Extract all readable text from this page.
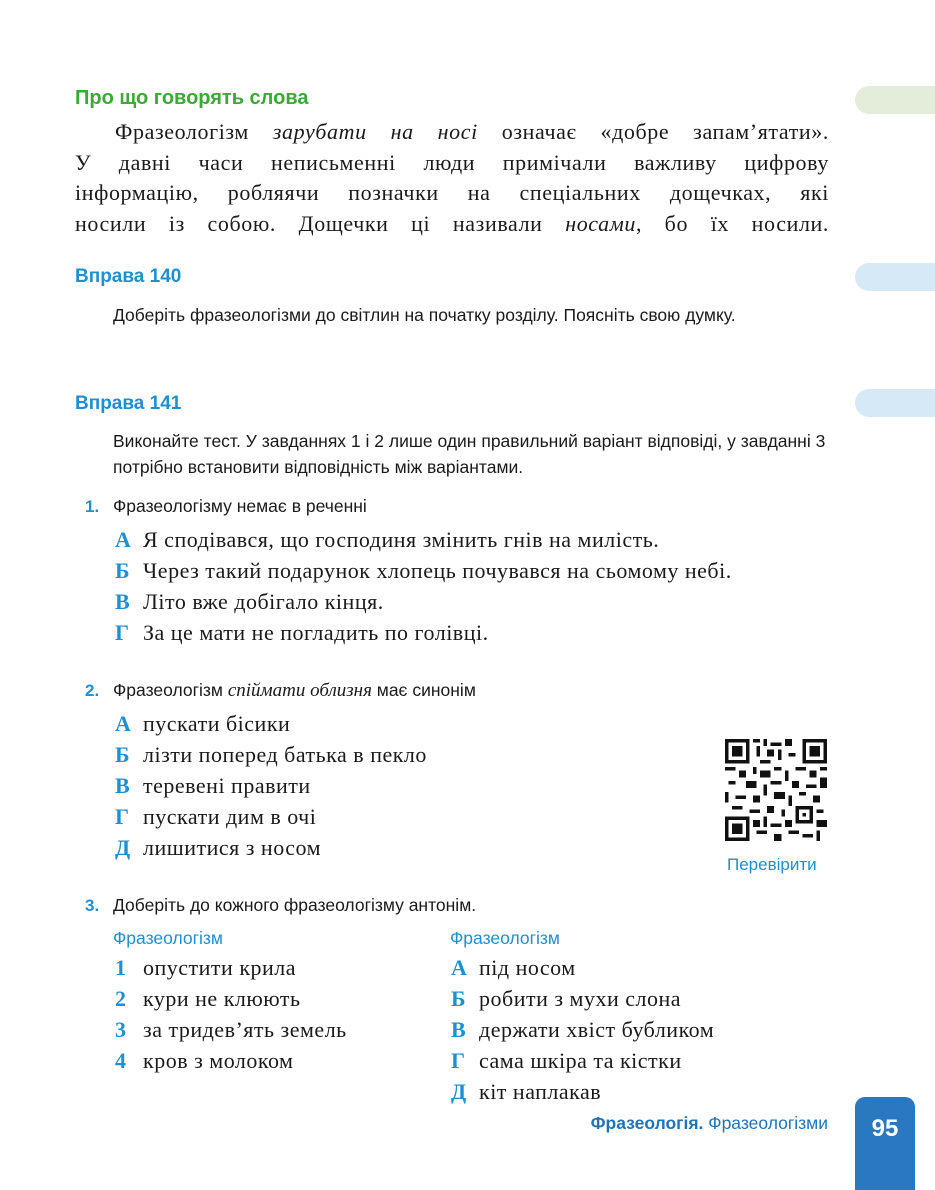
Про що говорять слова
Фразеологізм зарубати на носі означає «добре запам’ятати».
У давні часи неписьменні люди примічали важливу цифрову
інформацію, робляячи позначки на спеціальних дощечках, які
носили із собою. Дощечки ці називали носами, бо їх носили.
Вправа 140
Доберіть фразеологізми до світлин на початку розділу. Поясніть свою думку.
Вправа 141
Виконайте тест. У завданнях 1 і 2 лише один правильний варіант відповіді, у завданні 3 потрібно встановити відповідність між варіантами.
1. Фразеологізму немає в реченні
А Я сподівався, що господиня змінить гнів на милість.
Б Через такий подарунок хлопець почувався на сьомому небі.
В Літо вже добігало кінця.
Г За це мати не погладить по голівці.
2. Фразеологізм спіймати облизня має синонім
А пускати бісики
Б лізти поперед батька в пекло
В теревені правити
Г пускати дим в очі
Д лишитися з носом
Перевірити
3. Доберіть до кожного фразеологізму антонім.
Фразеологізм	Фразеологізм
1 опустити крила
2 кури не клюють
3 за тридев’ять земель
4 кров з молоком
А під носом
Б робити з мухи слона
В держати хвіст бубликом
Г сама шкіра та кістки
Д кіт наплакав
Фразеологія. Фразеологізми	95
